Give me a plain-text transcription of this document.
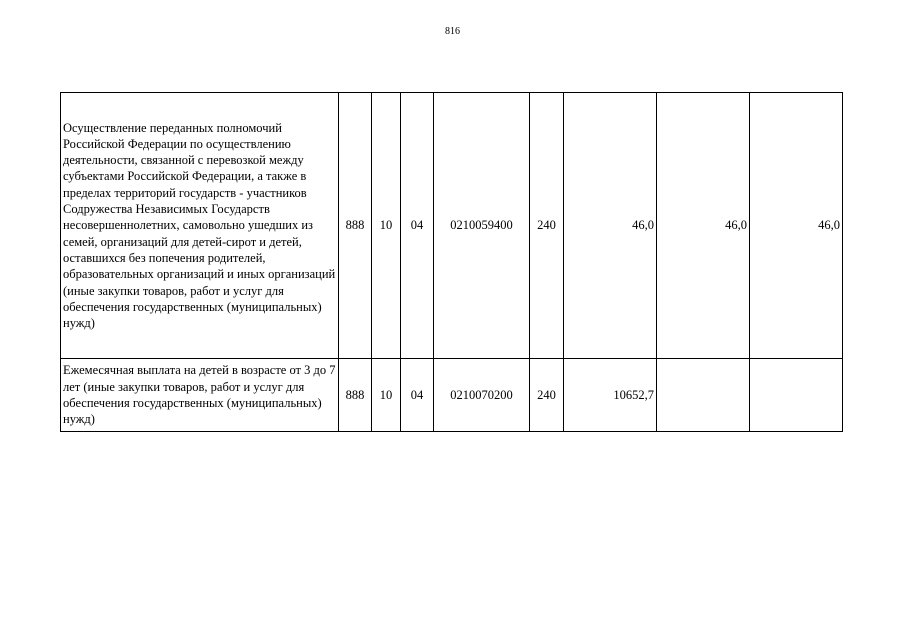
816
Осуществление переданных полномочий Российской Федерации по осуществлению деятельности, связанной с перевозкой между субъектами Российской Федерации, а также в пределах территорий государств - участников Содружества Независимых Государств несовершеннолетних, самовольно ушедших из семей, организаций для детей-сирот и детей, оставшихся без попечения родителей, образовательных организаций и иных организаций (иные закупки товаров, работ и услуг для обеспечения государственных (муниципальных) нужд)	888	10	04	0210059400	240	46,0	46,0	46,0
Ежемесячная выплата на детей в возрасте от 3 до 7 лет (иные закупки товаров, работ и услуг для обеспечения государственных (муниципальных) нужд)	888	10	04	0210070200	240	10652,7		
